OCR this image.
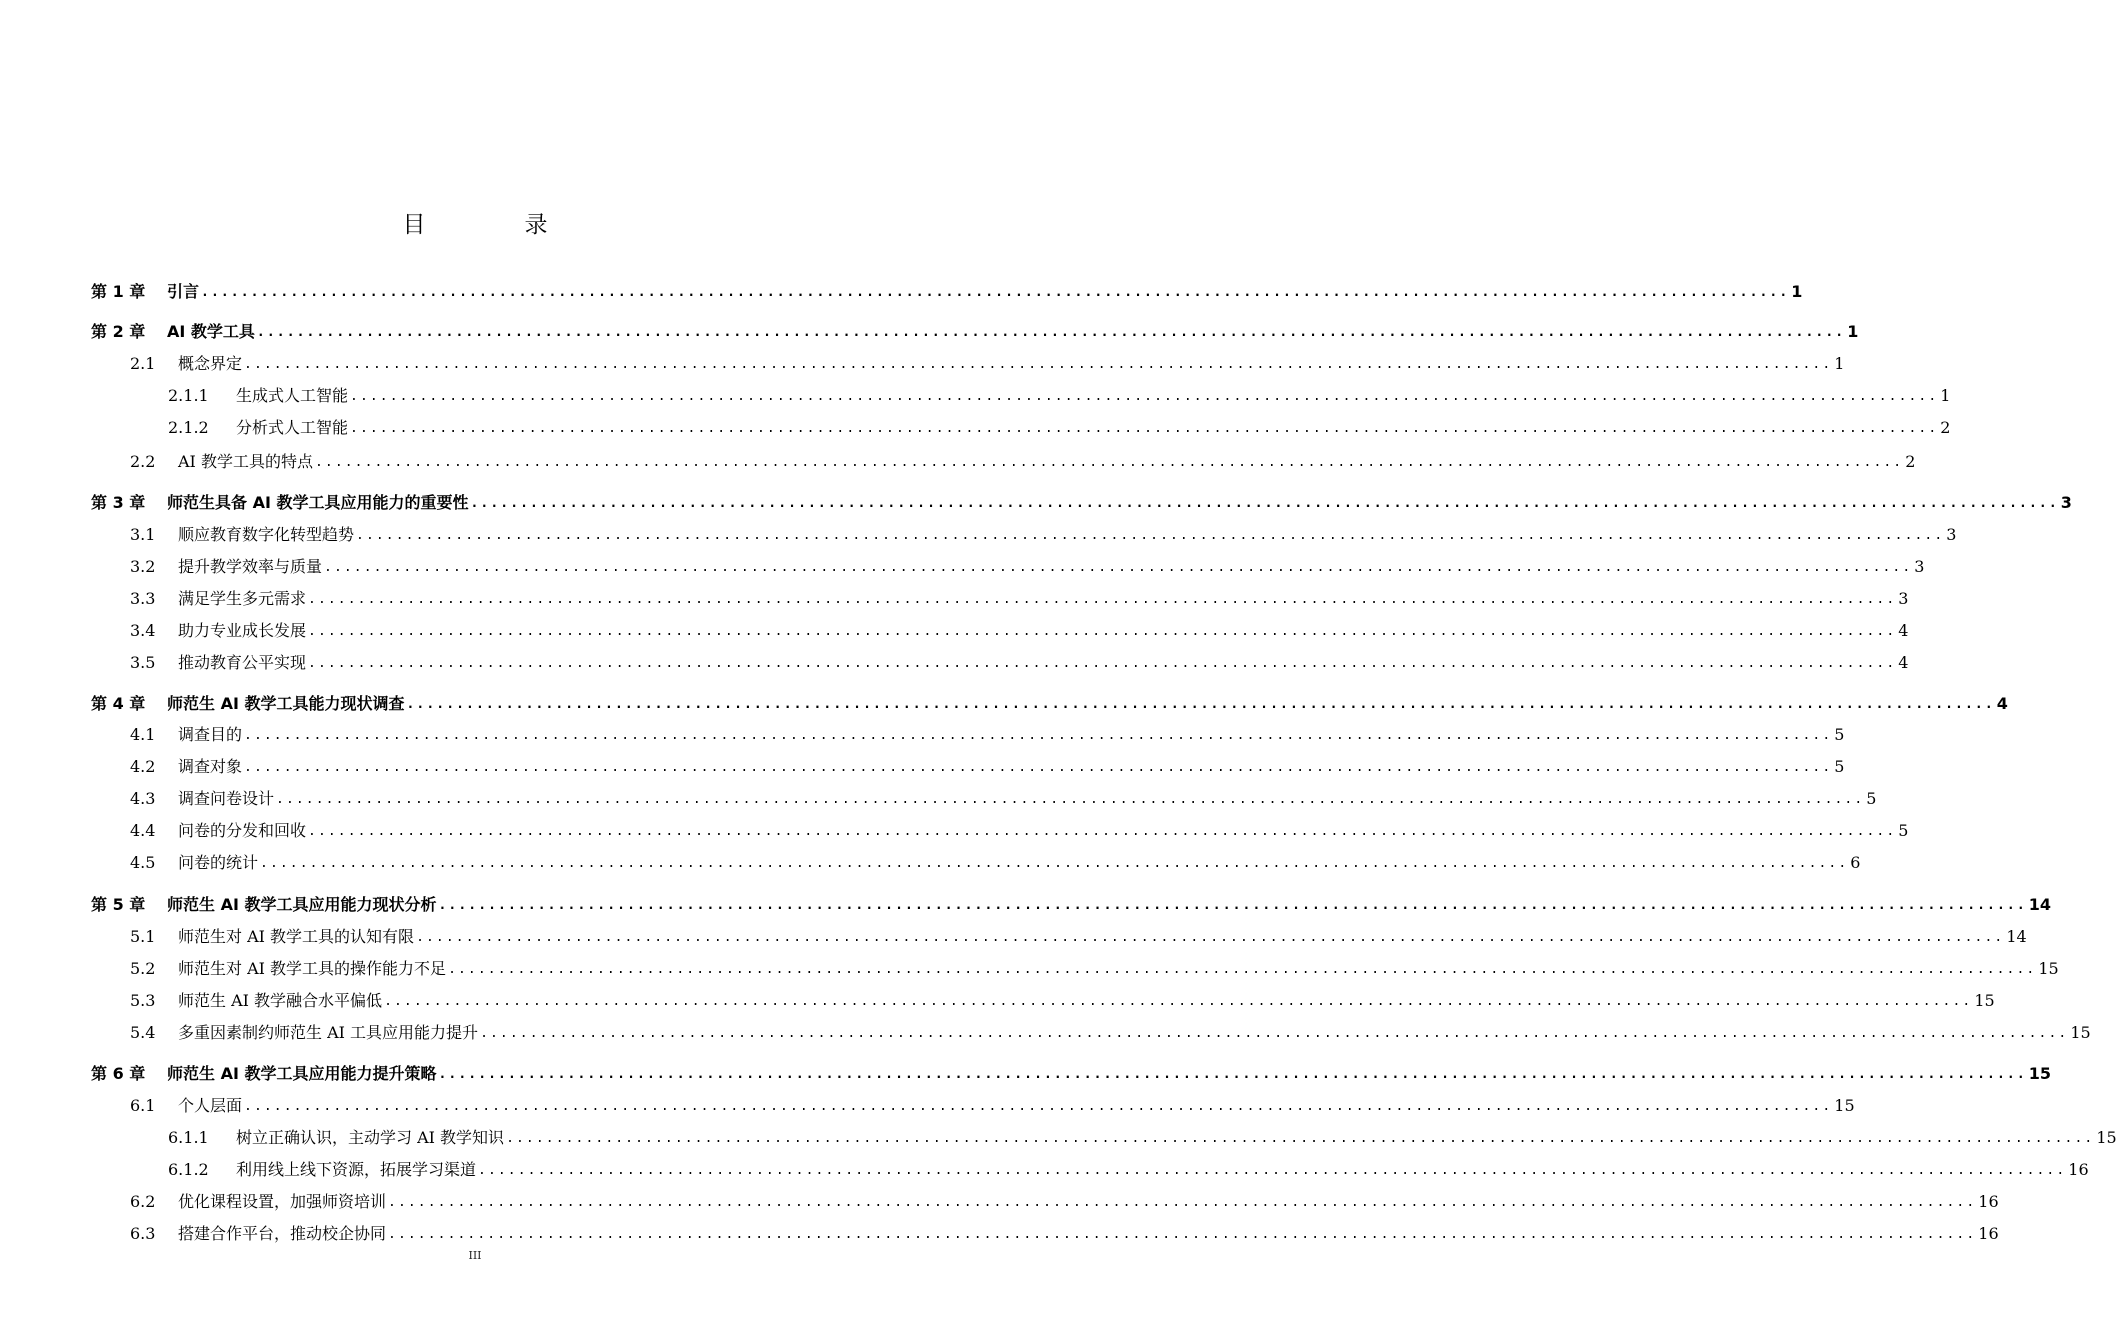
目　录
第 1 章	引言 ................................................................................................................................................................ 1
第 2 章	AI 教学工具 ................................................................................................................................................................ 1
2.1	概念界定 ................................................................................................................................................................ 1
2.1.1	生成式人工智能 ................................................................................................................................................................ 1
2.1.2	分析式人工智能 ................................................................................................................................................................ 2
2.2	AI 教学工具的特点 ................................................................................................................................................................ 2
第 3 章	师范生具备 AI 教学工具应用能力的重要性 ................................................................................................................................................................ 3
3.1	顺应教育数字化转型趋势 ................................................................................................................................................................ 3
3.2	提升教学效率与质量 ................................................................................................................................................................ 3
3.3	满足学生多元需求 ................................................................................................................................................................ 3
3.4	助力专业成长发展 ................................................................................................................................................................ 4
3.5	推动教育公平实现 ................................................................................................................................................................ 4
第 4 章	师范生 AI 教学工具能力现状调查 ................................................................................................................................................................ 4
4.1	调查目的 ................................................................................................................................................................ 5
4.2	调查对象 ................................................................................................................................................................ 5
4.3	调查问卷设计 ................................................................................................................................................................ 5
4.4	问卷的分发和回收 ................................................................................................................................................................ 5
4.5	问卷的统计 ................................................................................................................................................................ 6
第 5 章	师范生 AI 教学工具应用能力现状分析 ................................................................................................................................................................ 14
5.1	师范生对 AI 教学工具的认知有限 ................................................................................................................................................................ 14
5.2	师范生对 AI 教学工具的操作能力不足 ................................................................................................................................................................ 15
5.3	师范生 AI 教学融合水平偏低 ................................................................................................................................................................ 15
5.4	多重因素制约师范生 AI 工具应用能力提升 ................................................................................................................................................................ 15
第 6 章	师范生 AI 教学工具应用能力提升策略 ................................................................................................................................................................ 15
6.1	个人层面 ................................................................................................................................................................ 15
6.1.1	树立正确认识，主动学习 AI 教学知识 ................................................................................................................................................................ 15
6.1.2	利用线上线下资源，拓展学习渠道 ................................................................................................................................................................ 16
6.2	优化课程设置，加强师资培训 ................................................................................................................................................................ 16
6.3	搭建合作平台，推动校企协同 ................................................................................................................................................................ 16
III
